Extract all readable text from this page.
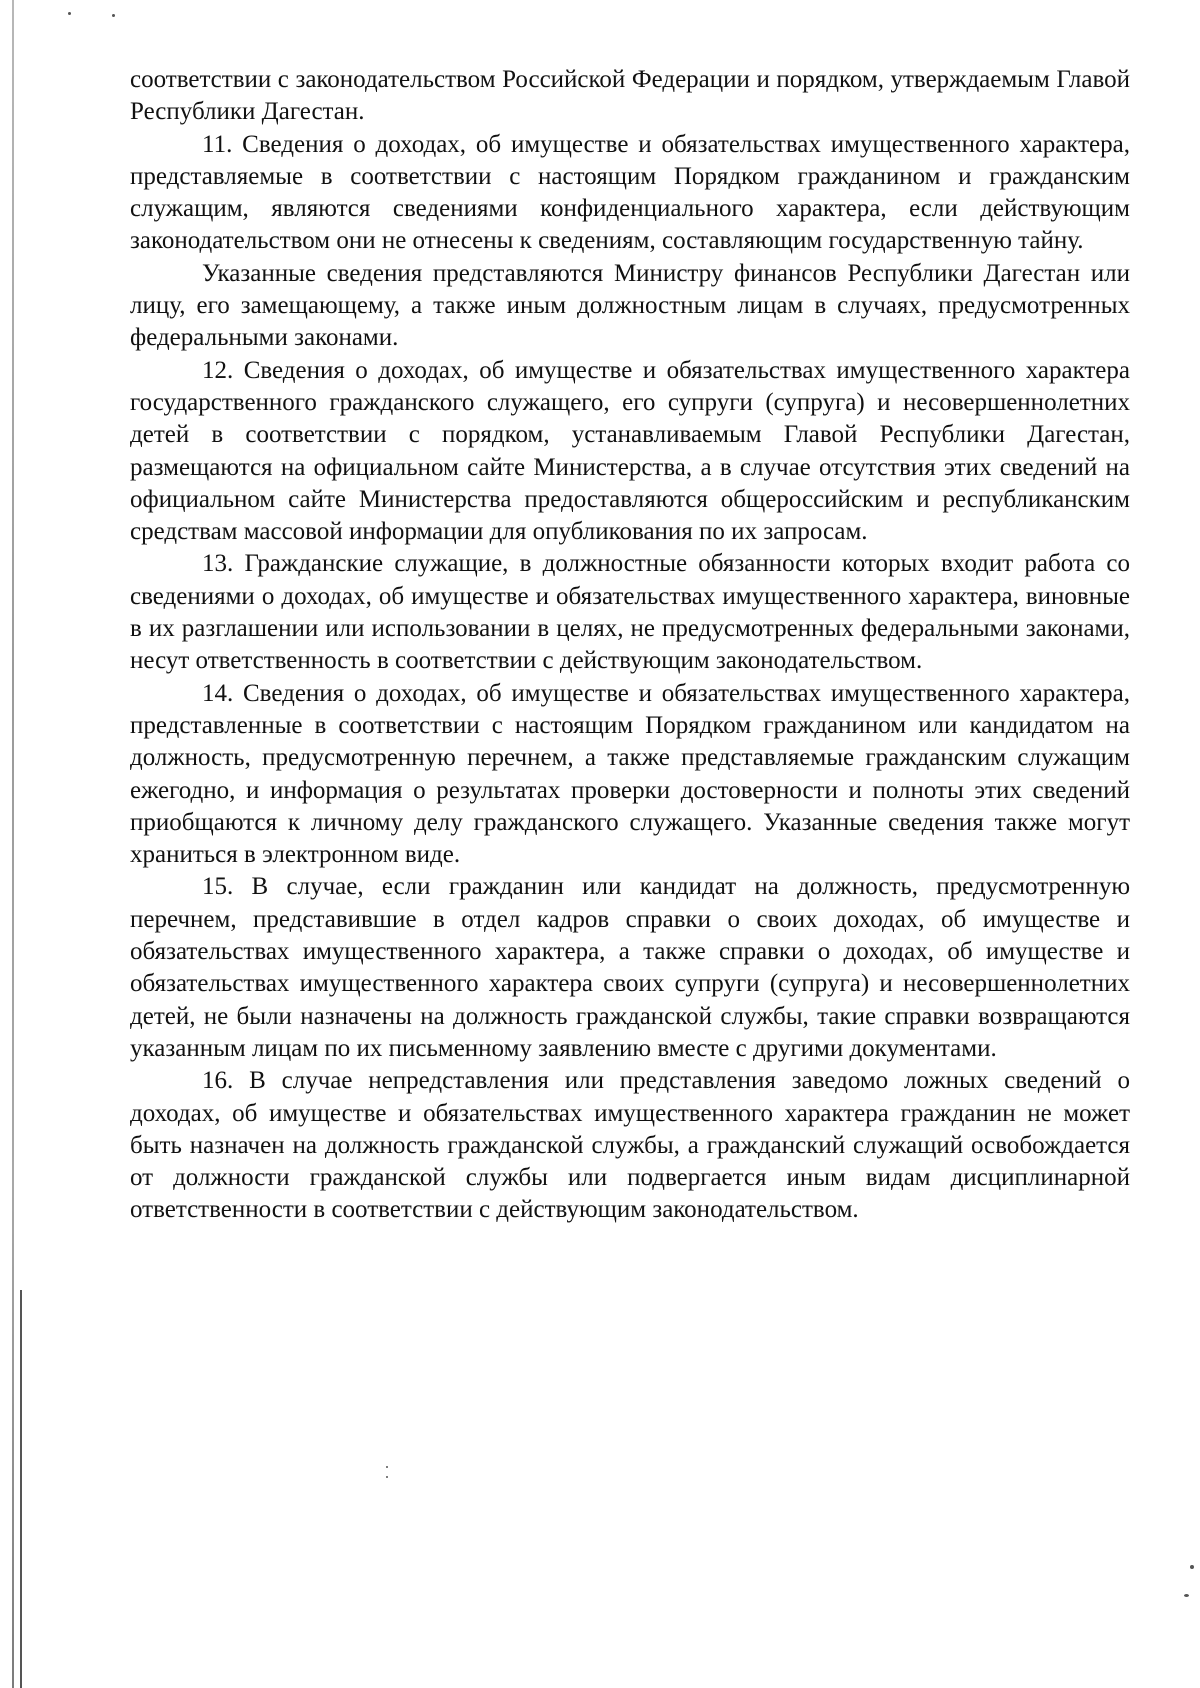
соответствии с законодательством Российской Федерации и порядком, утверждаемым Главой Республики Дагестан.

11. Сведения о доходах, об имуществе и обязательствах имущественного характера, представляемые в соответствии с настоящим Порядком гражданином и гражданским служащим, являются сведениями конфиденциального характера, если действующим законодательством они не отнесены к сведениям, составляющим государственную тайну.

Указанные сведения представляются Министру финансов Республики Дагестан или лицу, его замещающему, а также иным должностным лицам в случаях, предусмотренных федеральными законами.

12. Сведения о доходах, об имуществе и обязательствах имущественного характера государственного гражданского служащего, его супруги (супруга) и несовершеннолетних детей в соответствии с порядком, устанавливаемым Главой Республики Дагестан, размещаются на официальном сайте Министерства, а в случае отсутствия этих сведений на официальном сайте Министерства предоставляются общероссийским и республиканским средствам массовой информации для опубликования по их запросам.

13. Гражданские служащие, в должностные обязанности которых входит работа со сведениями о доходах, об имуществе и обязательствах имущественного характера, виновные в их разглашении или использовании в целях, не предусмотренных федеральными законами, несут ответственность в соответствии с действующим законодательством.

14. Сведения о доходах, об имуществе и обязательствах имущественного характера, представленные в соответствии с настоящим Порядком гражданином или кандидатом на должность, предусмотренную перечнем, а также представляемые гражданским служащим ежегодно, и информация о результатах проверки достоверности и полноты этих сведений приобщаются к личному делу гражданского служащего. Указанные сведения также могут храниться в электронном виде.

15. В случае, если гражданин или кандидат на должность, предусмотренную перечнем, представившие в отдел кадров справки о своих доходах, об имуществе и обязательствах имущественного характера, а также справки о доходах, об имуществе и обязательствах имущественного характера своих супруги (супруга) и несовершеннолетних детей, не были назначены на должность гражданской службы, такие справки возвращаются указанным лицам по их письменному заявлению вместе с другими документами.

16. В случае непредставления или представления заведомо ложных сведений о доходах, об имуществе и обязательствах имущественного характера гражданин не может быть назначен на должность гражданской службы, а гражданский служащий освобождается от должности гражданской службы или подвергается иным видам дисциплинарной ответственности в соответствии с действующим законодательством.
